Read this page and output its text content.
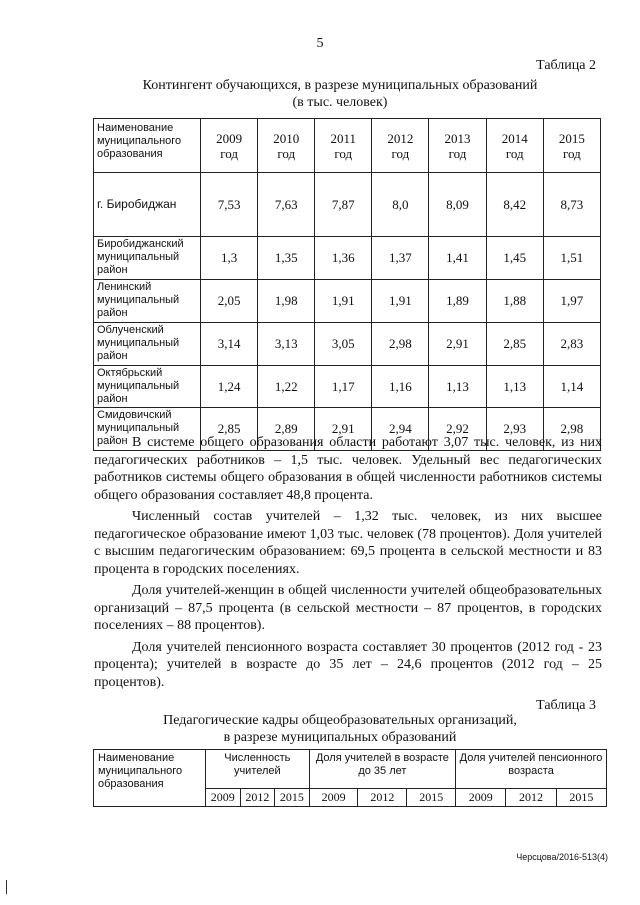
5
Таблица 2
Контингент обучающихся, в разрезе муниципальных образований
(в тыс. человек)
Наименование муниципального образования	2009 год	2010 год	2011 год	2012 год	2013 год	2014 год	2015 год
г. Биробиджан	7,53	7,63	7,87	8,0	8,09	8,42	8,73
Биробиджанский муниципальный район	1,3	1,35	1,36	1,37	1,41	1,45	1,51
Ленинский муниципальный район	2,05	1,98	1,91	1,91	1,89	1,88	1,97
Облученский муниципальный район	3,14	3,13	3,05	2,98	2,91	2,85	2,83
Октябрьский муниципальный район	1,24	1,22	1,17	1,16	1,13	1,13	1,14
Смидовичский муниципальный район	2,85	2,89	2,91	2,94	2,92	2,93	2,98

В системе общего образования области работают 3,07 тыс. человек, из них педагогических работников – 1,5 тыс. человек. Удельный вес педагогических работников системы общего образования в общей численности работников системы общего образования составляет 48,8 процента.

Численный состав учителей – 1,32 тыс. человек, из них высшее педагогическое образование имеют 1,03 тыс. человек (78 процентов). Доля учителей с высшим педагогическим образованием: 69,5 процента в сельской местности и 83 процента в городских поселениях.

Доля учителей-женщин в общей численности учителей общеобразовательных организаций – 87,5 процента (в сельской местности – 87 процентов, в городских поселениях – 88 процентов).

Доля учителей пенсионного возраста составляет 30 процентов (2012 год - 23 процента); учителей в возрасте до 35 лет – 24,6 процентов (2012 год – 25 процентов).

Таблица 3
Педагогические кадры общеобразовательных организаций,
в разрезе муниципальных образований
Наименование муниципального образования	Численность учителей			Доля учителей в возрасте до 35 лет			Доля учителей пенсионного возраста		
	2009	2012	2015	2009	2012	2015	2009	2012	2015
Черсцова/2016-513(4)
